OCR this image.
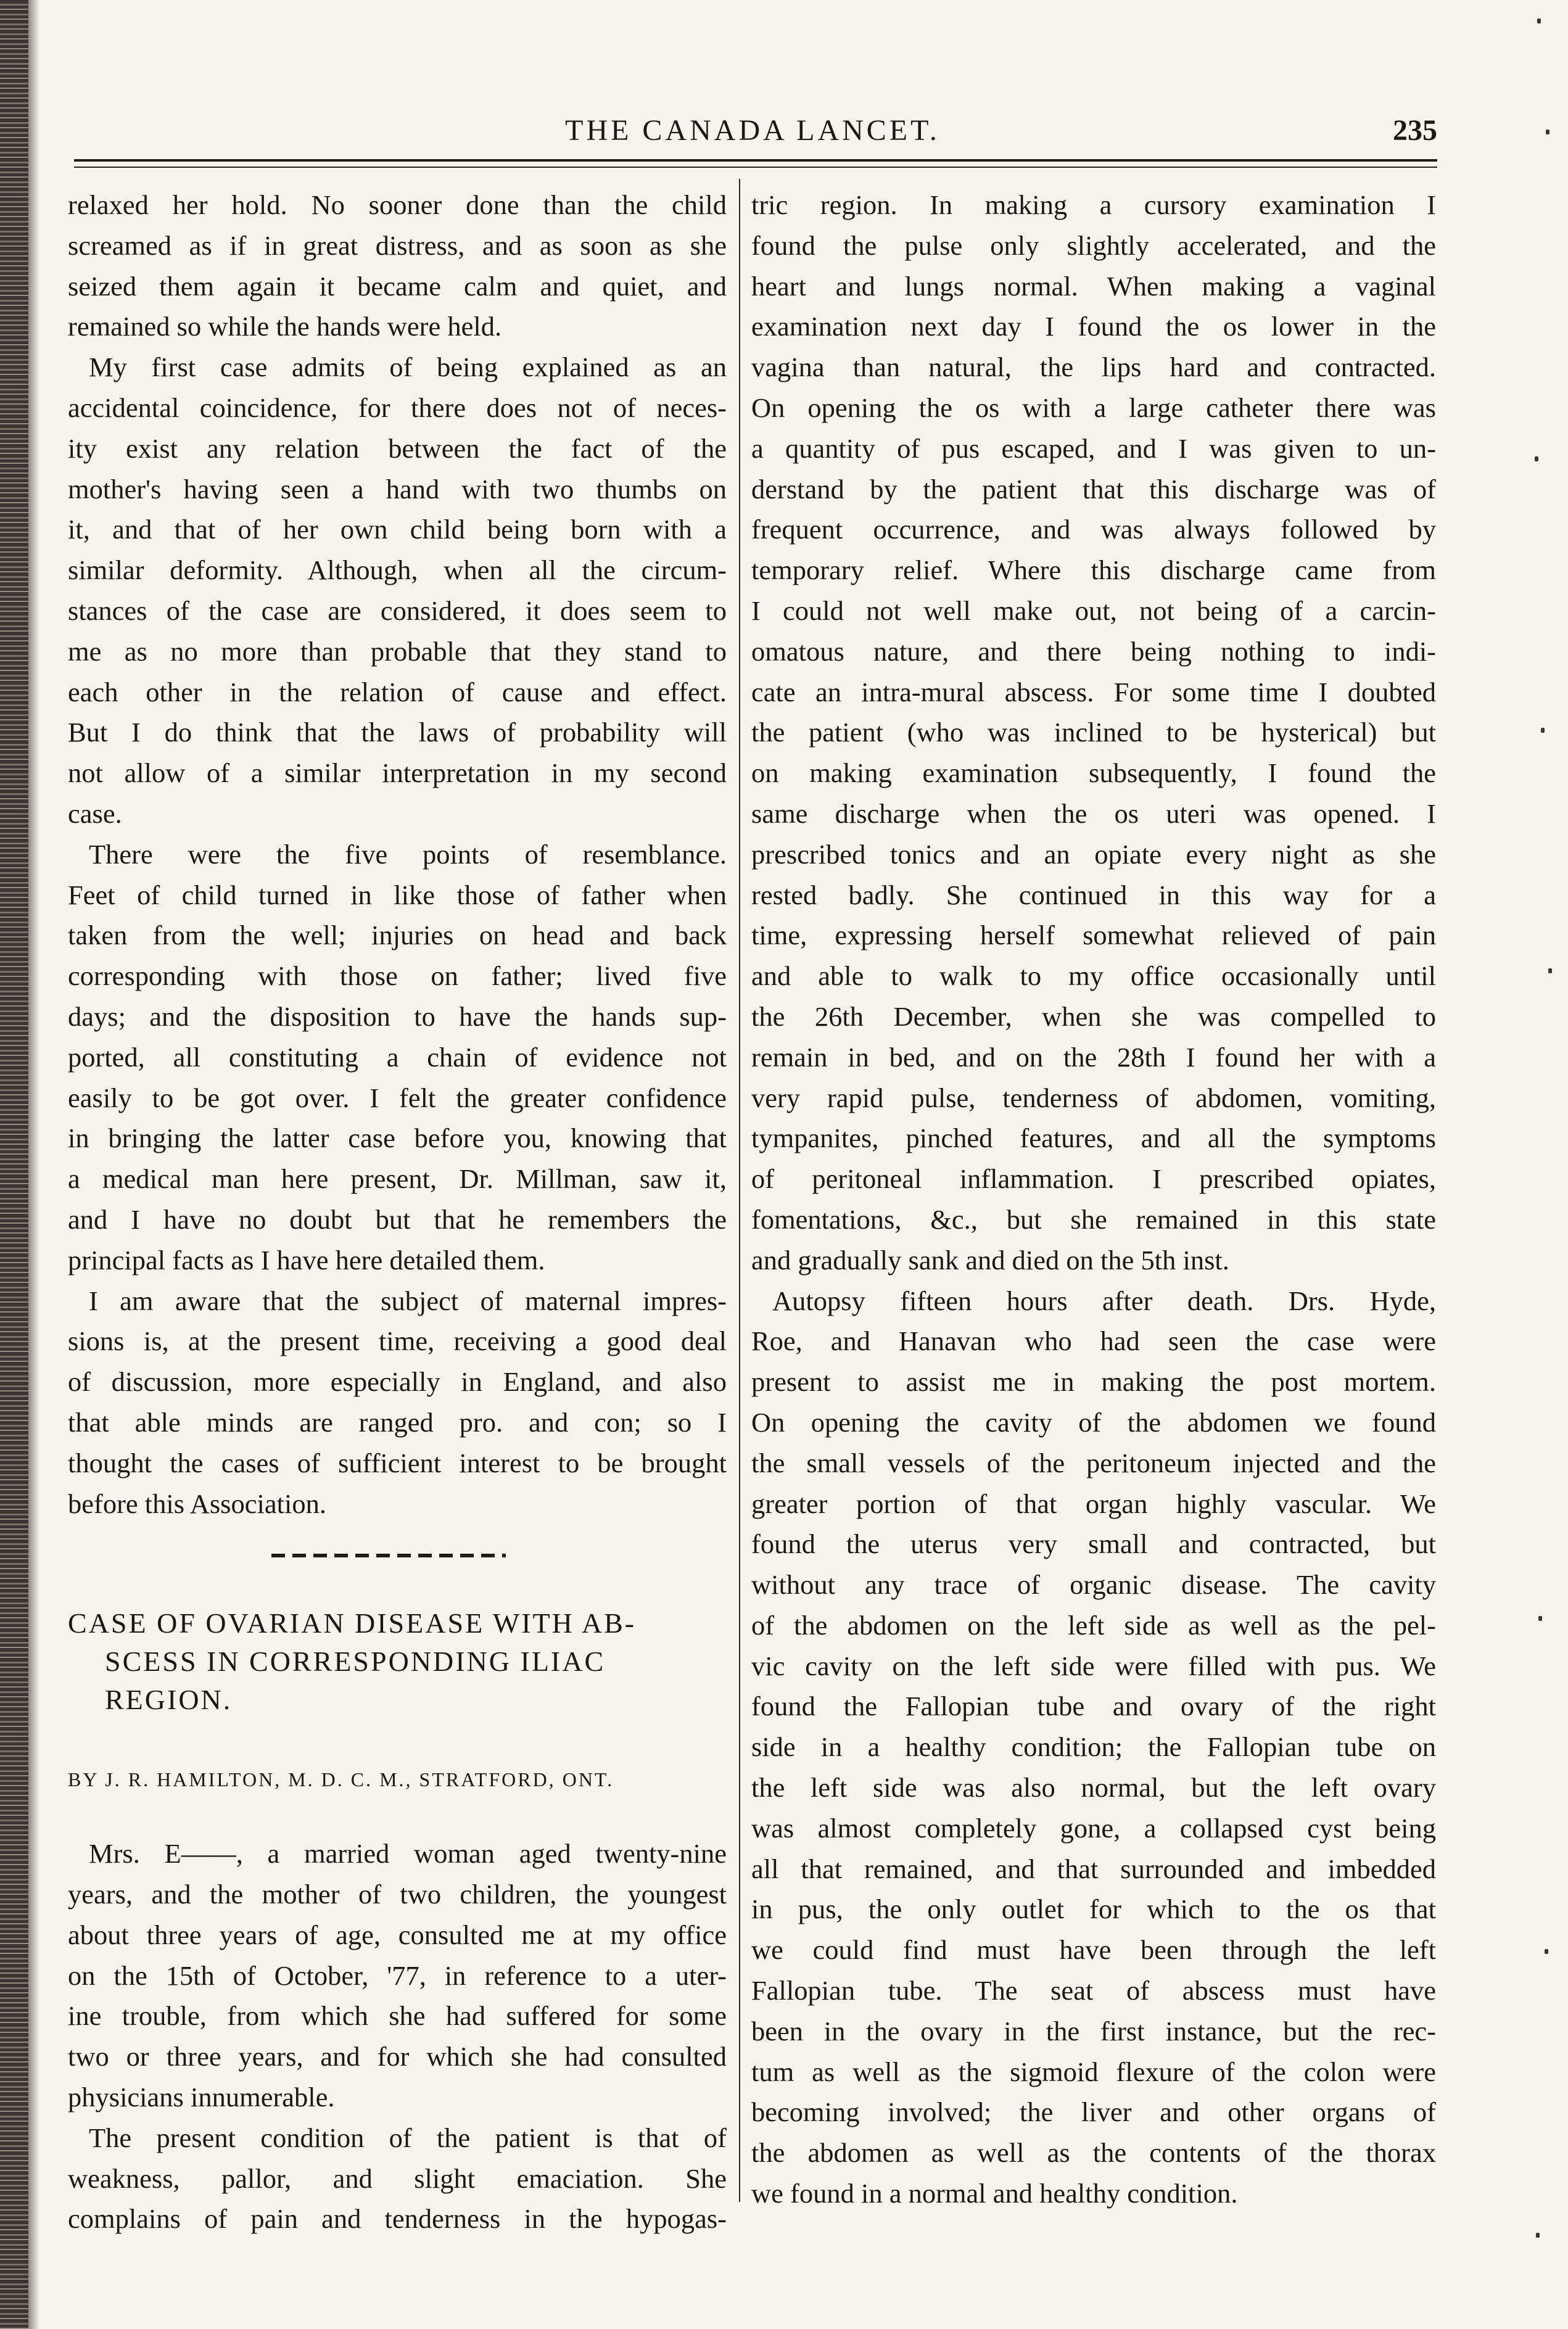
THE CANADA LANCET.	235
relaxed her hold. No sooner done than the child
screamed as if in great distress, and as soon as she
seized them again it became calm and quiet, and
remained so while the hands were held.
My first case admits of being explained as an
accidental coincidence, for there does not of neces-
ity exist any relation between the fact of the
mother's having seen a hand with two thumbs on
it, and that of her own child being born with a
similar deformity. Although, when all the circum-
stances of the case are considered, it does seem to
me as no more than probable that they stand to
each other in the relation of cause and effect.
But I do think that the laws of probability will
not allow of a similar interpretation in my second
case.
There were the five points of resemblance.
Feet of child turned in like those of father when
taken from the well; injuries on head and back
corresponding with those on father; lived five
days; and the disposition to have the hands sup-
ported, all constituting a chain of evidence not
easily to be got over. I felt the greater confidence
in bringing the latter case before you, knowing that
a medical man here present, Dr. Millman, saw it,
and I have no doubt but that he remembers the
principal facts as I have here detailed them.
I am aware that the subject of maternal impres-
sions is, at the present time, receiving a good deal
of discussion, more especially in England, and also
that able minds are ranged pro. and con; so I
thought the cases of sufficient interest to be brought
before this Association.
CASE OF OVARIAN DISEASE WITH AB-
SCESS IN CORRESPONDING ILIAC
REGION.
BY J. R. HAMILTON, M. D. C. M., STRATFORD, ONT.
Mrs. E——, a married woman aged twenty-nine
years, and the mother of two children, the youngest
about three years of age, consulted me at my office
on the 15th of October, '77, in reference to a uter-
ine trouble, from which she had suffered for some
two or three years, and for which she had consulted
physicians innumerable.
The present condition of the patient is that of
weakness, pallor, and slight emaciation. She
complains of pain and tenderness in the hypogas-
tric region. In making a cursory examination I
found the pulse only slightly accelerated, and the
heart and lungs normal. When making a vaginal
examination next day I found the os lower in the
vagina than natural, the lips hard and contracted.
On opening the os with a large catheter there was
a quantity of pus escaped, and I was given to un-
derstand by the patient that this discharge was of
frequent occurrence, and was always followed by
temporary relief. Where this discharge came from
I could not well make out, not being of a carcin-
omatous nature, and there being nothing to indi-
cate an intra-mural abscess. For some time I doubted
the patient (who was inclined to be hysterical) but
on making examination subsequently, I found the
same discharge when the os uteri was opened. I
prescribed tonics and an opiate every night as she
rested badly. She continued in this way for a
time, expressing herself somewhat relieved of pain
and able to walk to my office occasionally until
the 26th December, when she was compelled to
remain in bed, and on the 28th I found her with a
very rapid pulse, tenderness of abdomen, vomiting,
tympanites, pinched features, and all the symptoms
of peritoneal inflammation. I prescribed opiates,
fomentations, &c., but she remained in this state
and gradually sank and died on the 5th inst.
Autopsy fifteen hours after death. Drs. Hyde,
Roe, and Hanavan who had seen the case were
present to assist me in making the post mortem.
On opening the cavity of the abdomen we found
the small vessels of the peritoneum injected and the
greater portion of that organ highly vascular. We
found the uterus very small and contracted, but
without any trace of organic disease. The cavity
of the abdomen on the left side as well as the pel-
vic cavity on the left side were filled with pus. We
found the Fallopian tube and ovary of the right
side in a healthy condition; the Fallopian tube on
the left side was also normal, but the left ovary
was almost completely gone, a collapsed cyst being
all that remained, and that surrounded and imbedded
in pus, the only outlet for which to the os that
we could find must have been through the left
Fallopian tube. The seat of abscess must have
been in the ovary in the first instance, but the rec-
tum as well as the sigmoid flexure of the colon were
becoming involved; the liver and other organs of
the abdomen as well as the contents of the thorax
we found in a normal and healthy condition.
